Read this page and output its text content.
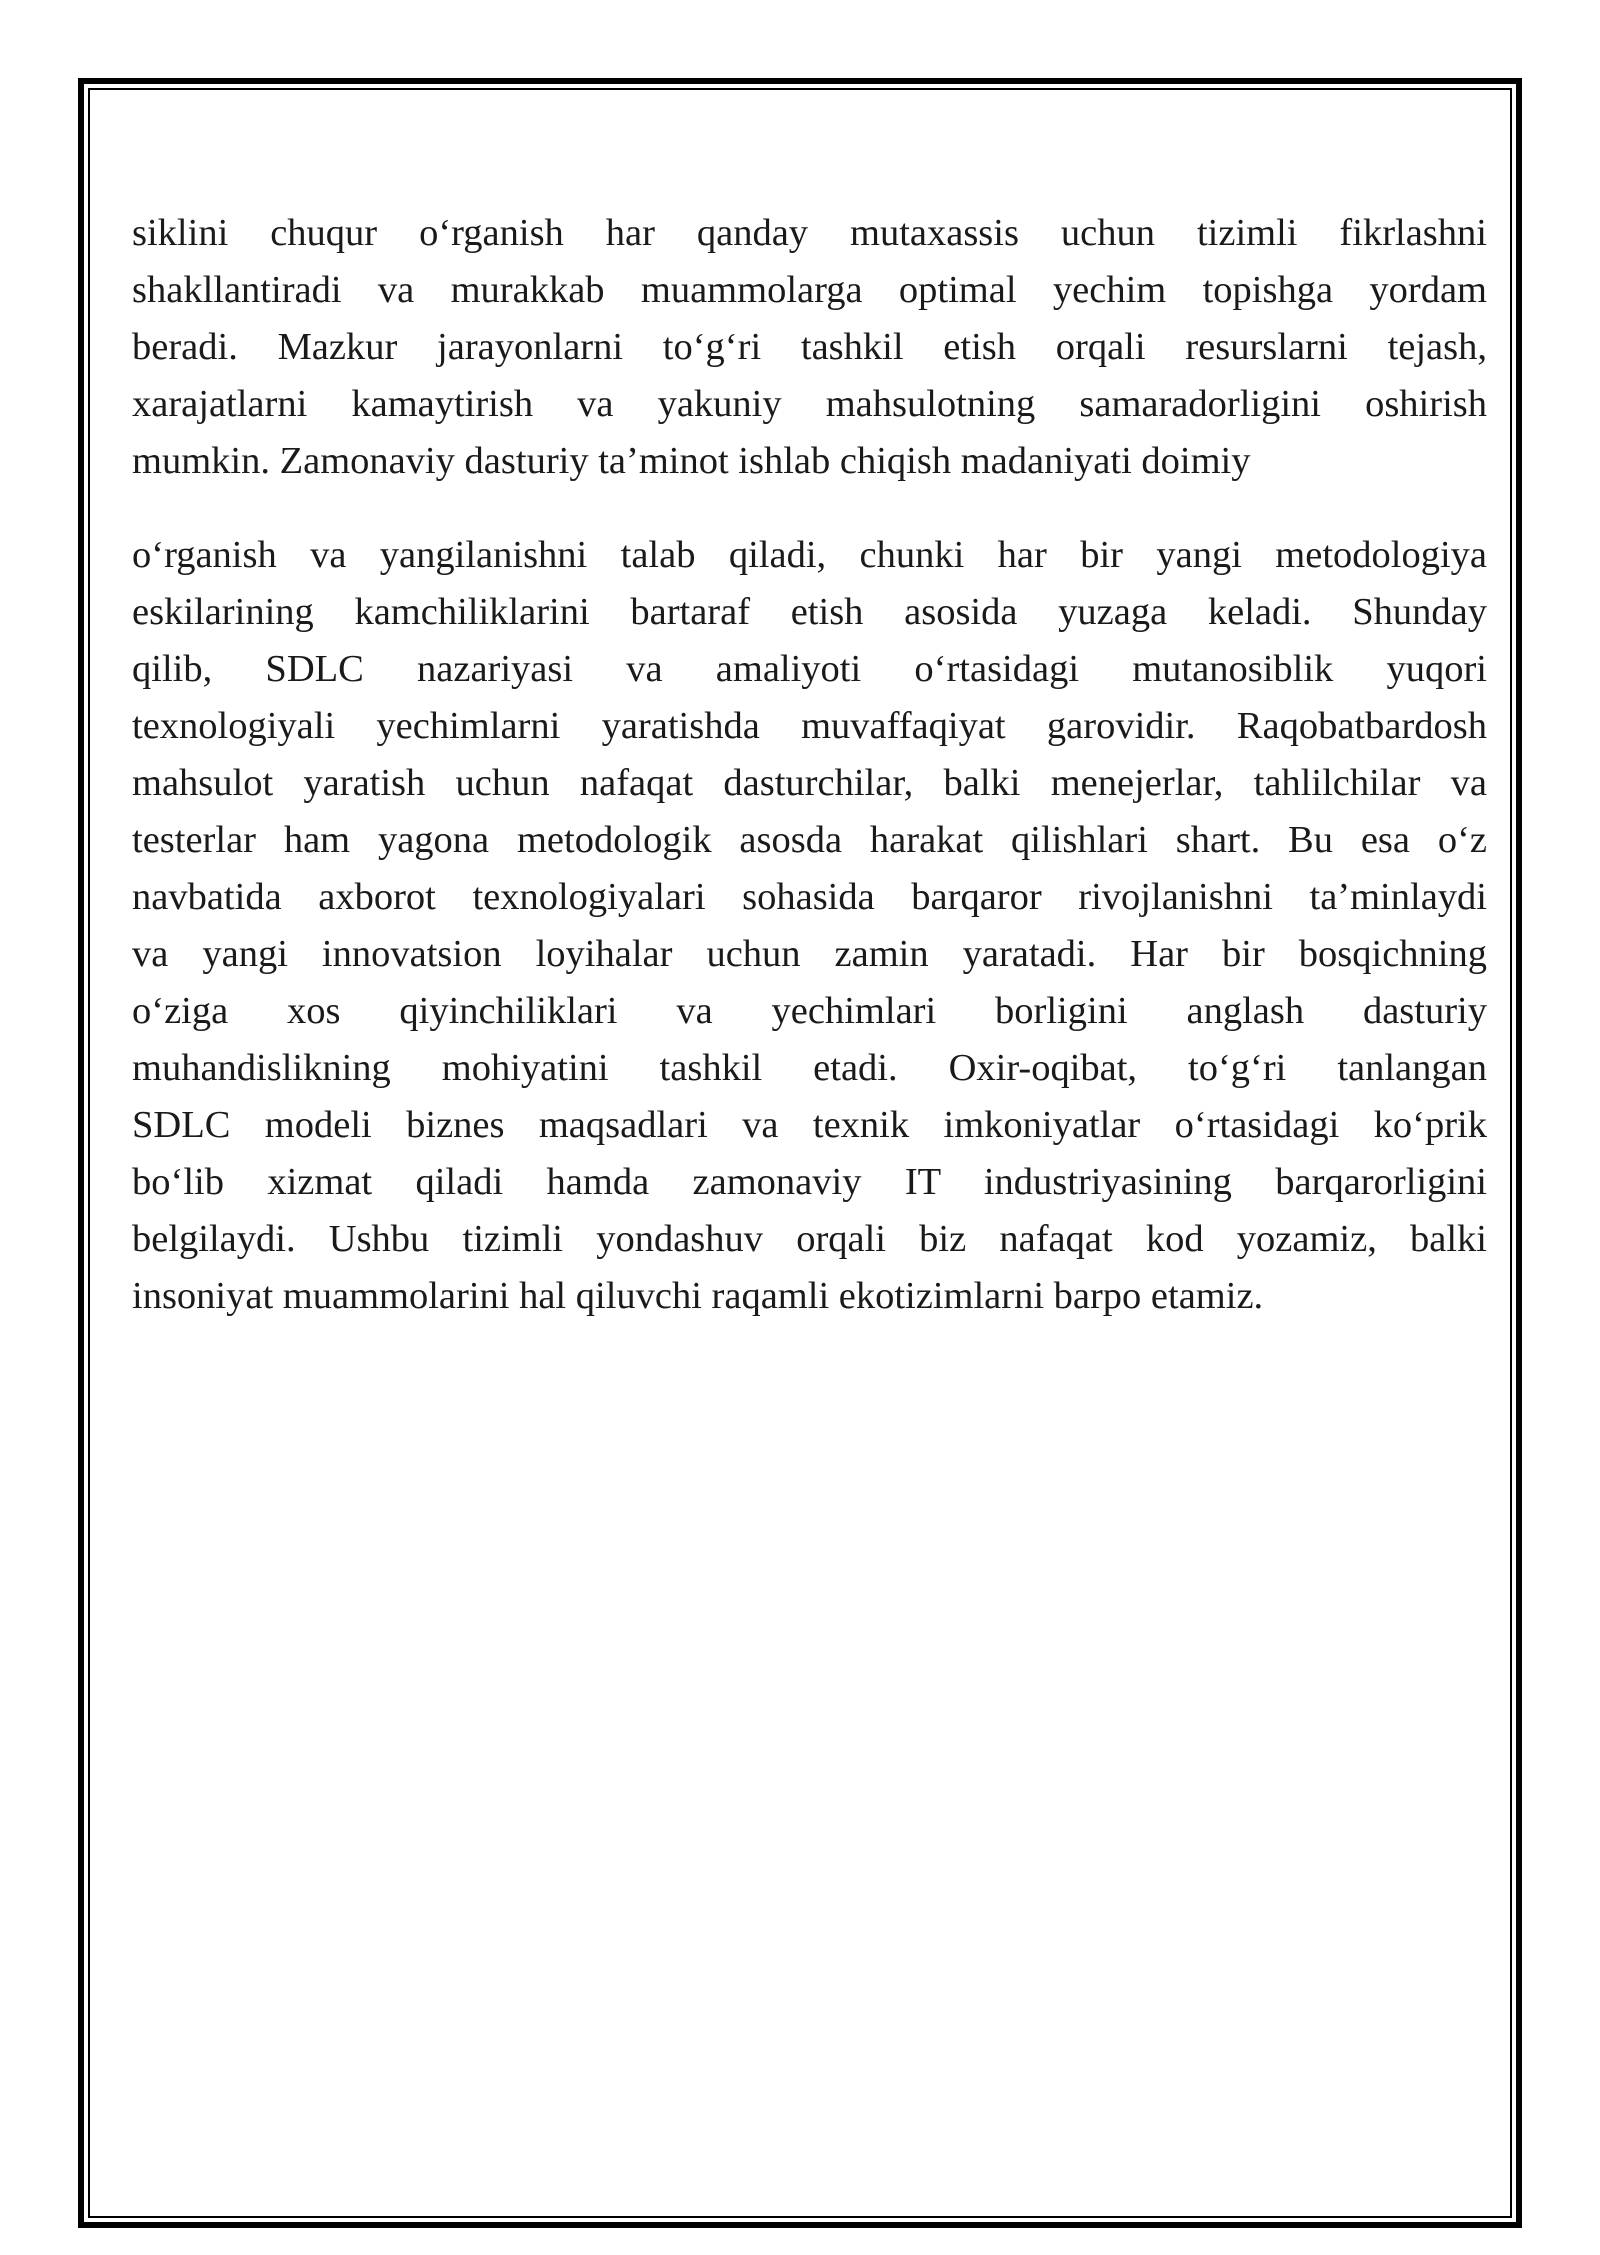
siklini chuqur o‘rganish har qanday mutaxassis uchun tizimli fikrlashni
shakllantiradi va murakkab muammolarga optimal yechim topishga yordam
beradi. Mazkur jarayonlarni to‘g‘ri tashkil etish orqali resurslarni tejash,
xarajatlarni kamaytirish va yakuniy mahsulotning samaradorligini oshirish
mumkin. Zamonaviy dasturiy ta’minot ishlab chiqish madaniyati doimiy
o‘rganish va yangilanishni talab qiladi, chunki har bir yangi metodologiya
eskilarining kamchiliklarini bartaraf etish asosida yuzaga keladi. Shunday
qilib, SDLC nazariyasi va amaliyoti o‘rtasidagi mutanosiblik yuqori
texnologiyali yechimlarni yaratishda muvaffaqiyat garovidir. Raqobatbardosh
mahsulot yaratish uchun nafaqat dasturchilar, balki menejerlar, tahlilchilar va
testerlar ham yagona metodologik asosda harakat qilishlari shart. Bu esa o‘z
navbatida axborot texnologiyalari sohasida barqaror rivojlanishni ta’minlaydi
va yangi innovatsion loyihalar uchun zamin yaratadi. Har bir bosqichning
o‘ziga xos qiyinchiliklari va yechimlari borligini anglash dasturiy
muhandislikning mohiyatini tashkil etadi. Oxir-oqibat, to‘g‘ri tanlangan
SDLC modeli biznes maqsadlari va texnik imkoniyatlar o‘rtasidagi ko‘prik
bo‘lib xizmat qiladi hamda zamonaviy IT industriyasining barqarorligini
belgilaydi. Ushbu tizimli yondashuv orqali biz nafaqat kod yozamiz, balki
insoniyat muammolarini hal qiluvchi raqamli ekotizimlarni barpo etamiz.
